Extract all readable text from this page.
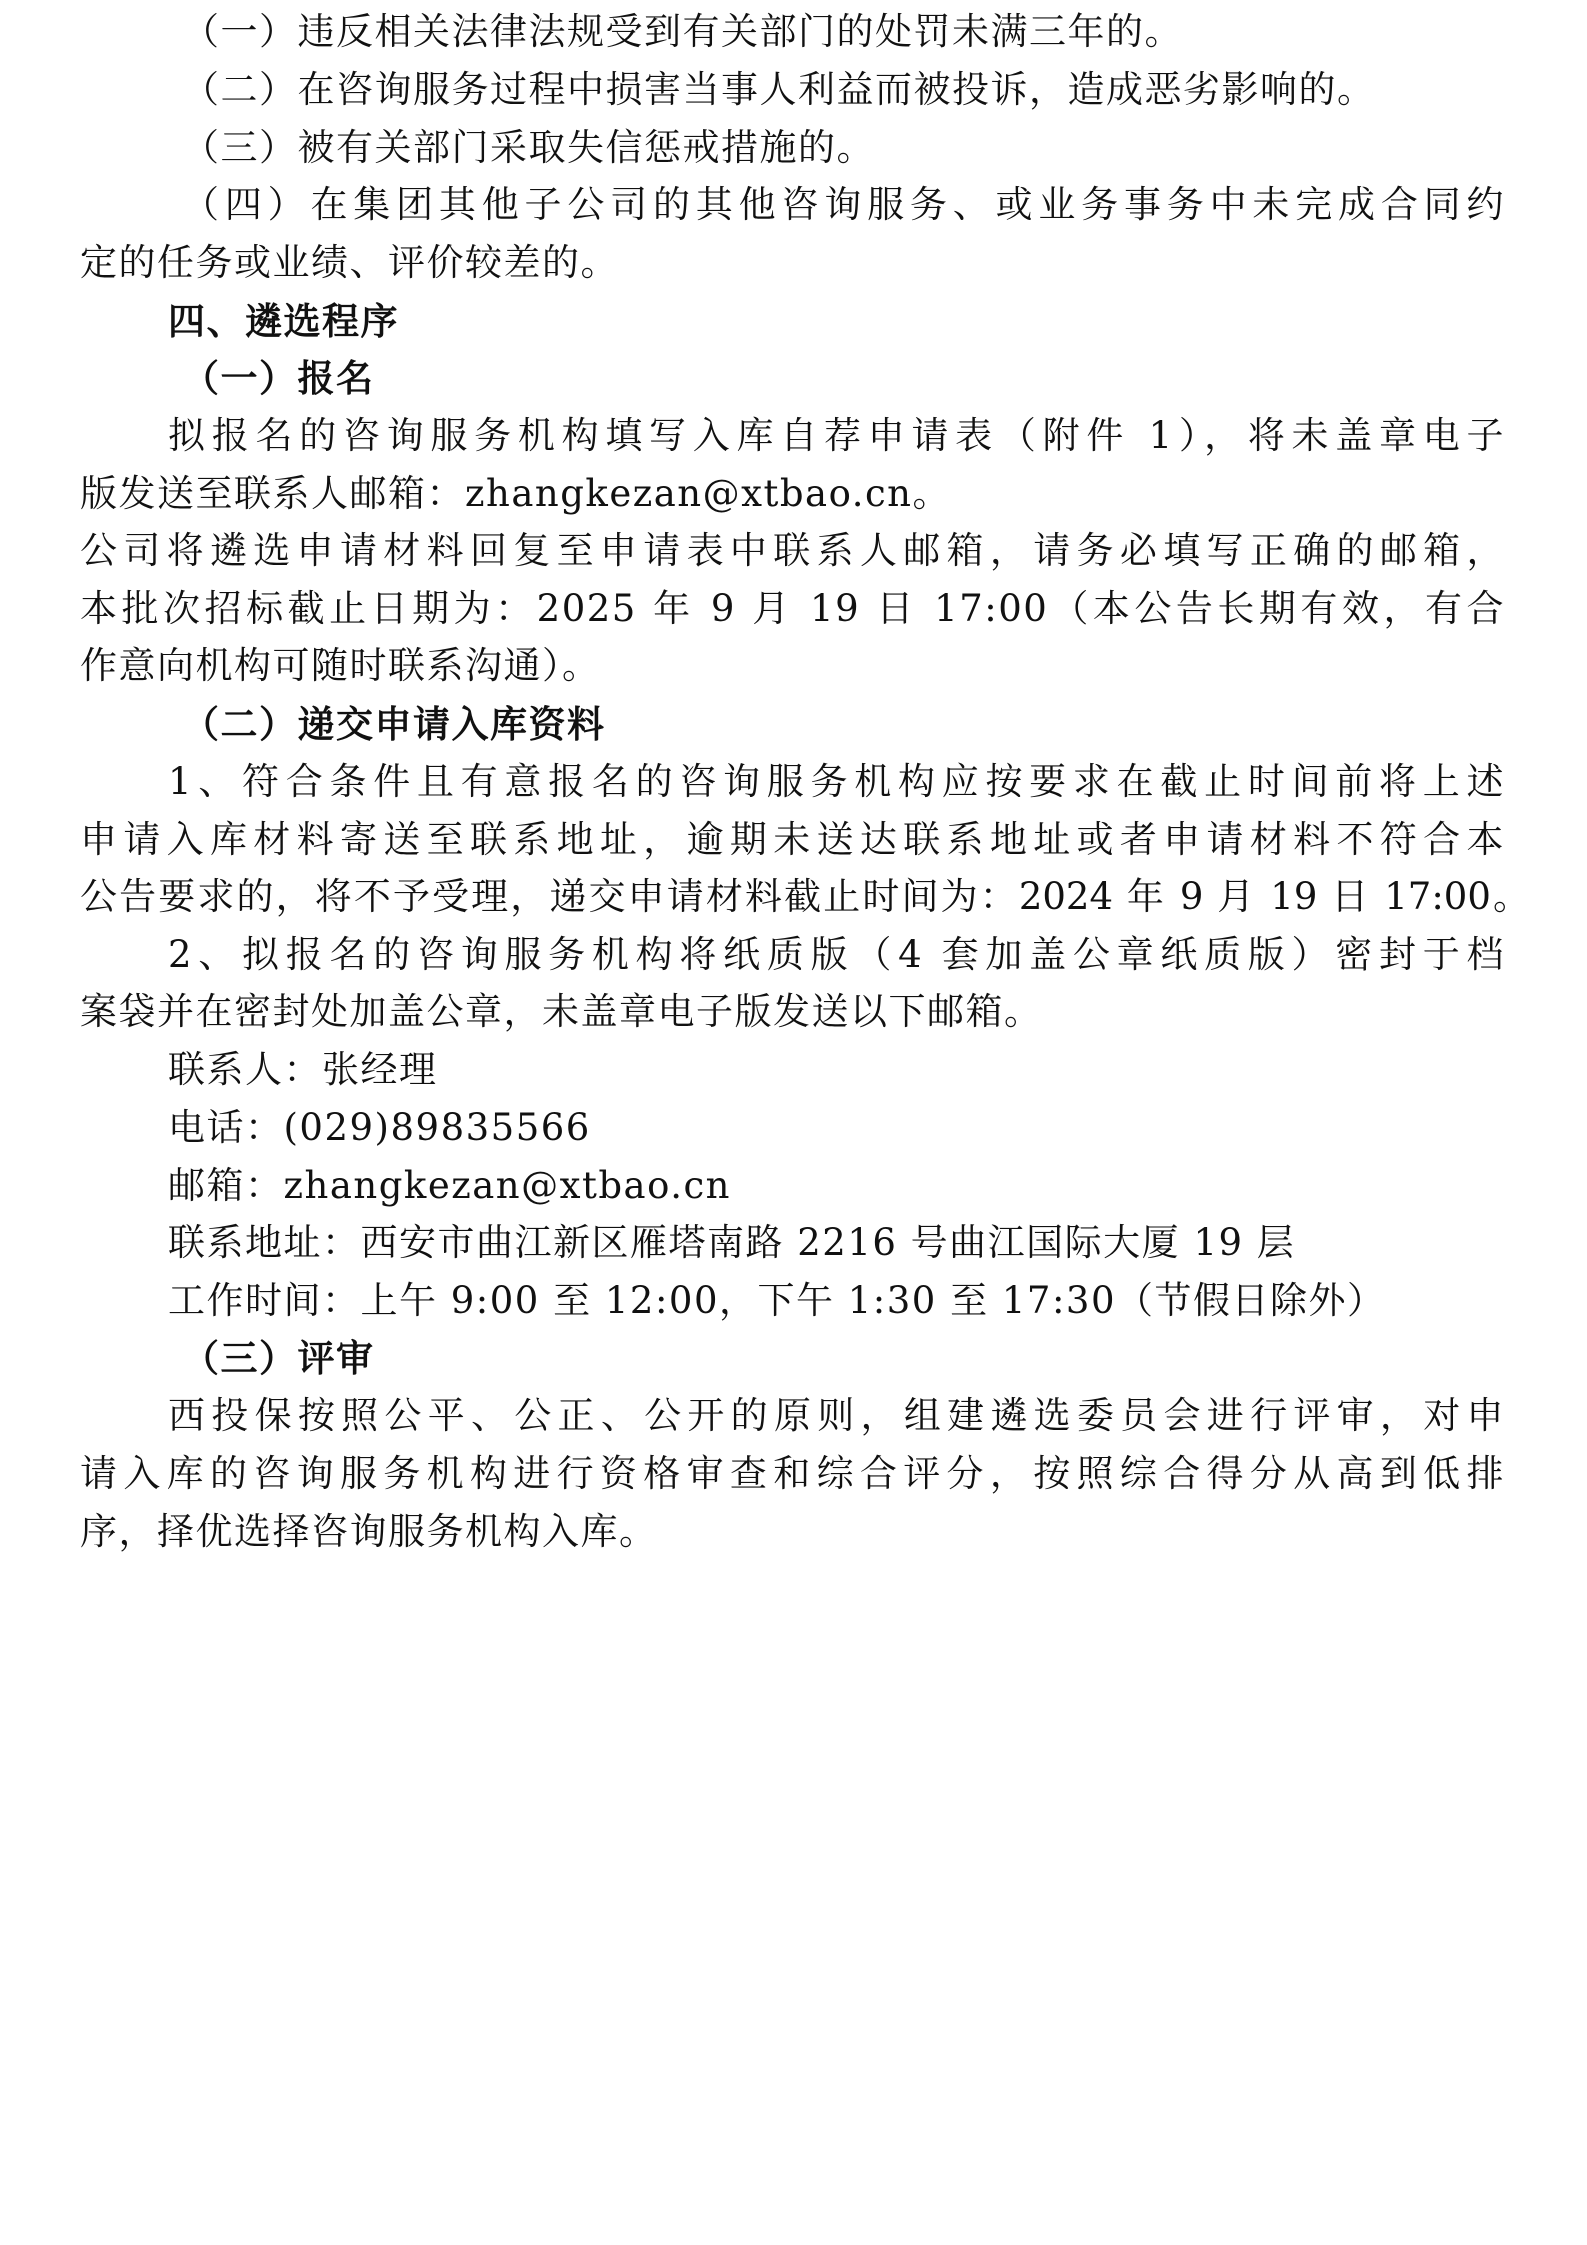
（一）违反相关法律法规受到有关部门的处罚未满三年的。

（二）在咨询服务过程中损害当事人利益而被投诉，造成恶劣影响的。

（三）被有关部门采取失信惩戒措施的。

（四）在集团其他子公司的其他咨询服务、或业务事务中未完成合同约

定的任务或业绩、评价较差的。

四、遴选程序

（一）报名

拟报名的咨询服务机构填写入库自荐申请表（附件 1），将未盖章电子

版发送至联系人邮箱：zhangkezan@xtbao.cn。

公司将遴选申请材料回复至申请表中联系人邮箱，请务必填写正确的邮箱，

本批次招标截止日期为：2025 年 9 月 19 日 17:00（本公告长期有效，有合

作意向机构可随时联系沟通）。

（二）递交申请入库资料

1、符合条件且有意报名的咨询服务机构应按要求在截止时间前将上述

申请入库材料寄送至联系地址，逾期未送达联系地址或者申请材料不符合本

公告要求的，将不予受理，递交申请材料截止时间为：2024 年 9 月 19 日 17:00。

2、拟报名的咨询服务机构将纸质版（4 套加盖公章纸质版）密封于档

案袋并在密封处加盖公章，未盖章电子版发送以下邮箱。

联系人：张经理

电话：(029)89835566

邮箱：zhangkezan@xtbao.cn

联系地址：西安市曲江新区雁塔南路 2216 号曲江国际大厦 19 层

工作时间：上午 9:00 至 12:00，下午 1:30 至 17:30（节假日除外）

（三）评审

西投保按照公平、公正、公开的原则，组建遴选委员会进行评审，对申

请入库的咨询服务机构进行资格审查和综合评分，按照综合得分从高到低排

序，择优选择咨询服务机构入库。
